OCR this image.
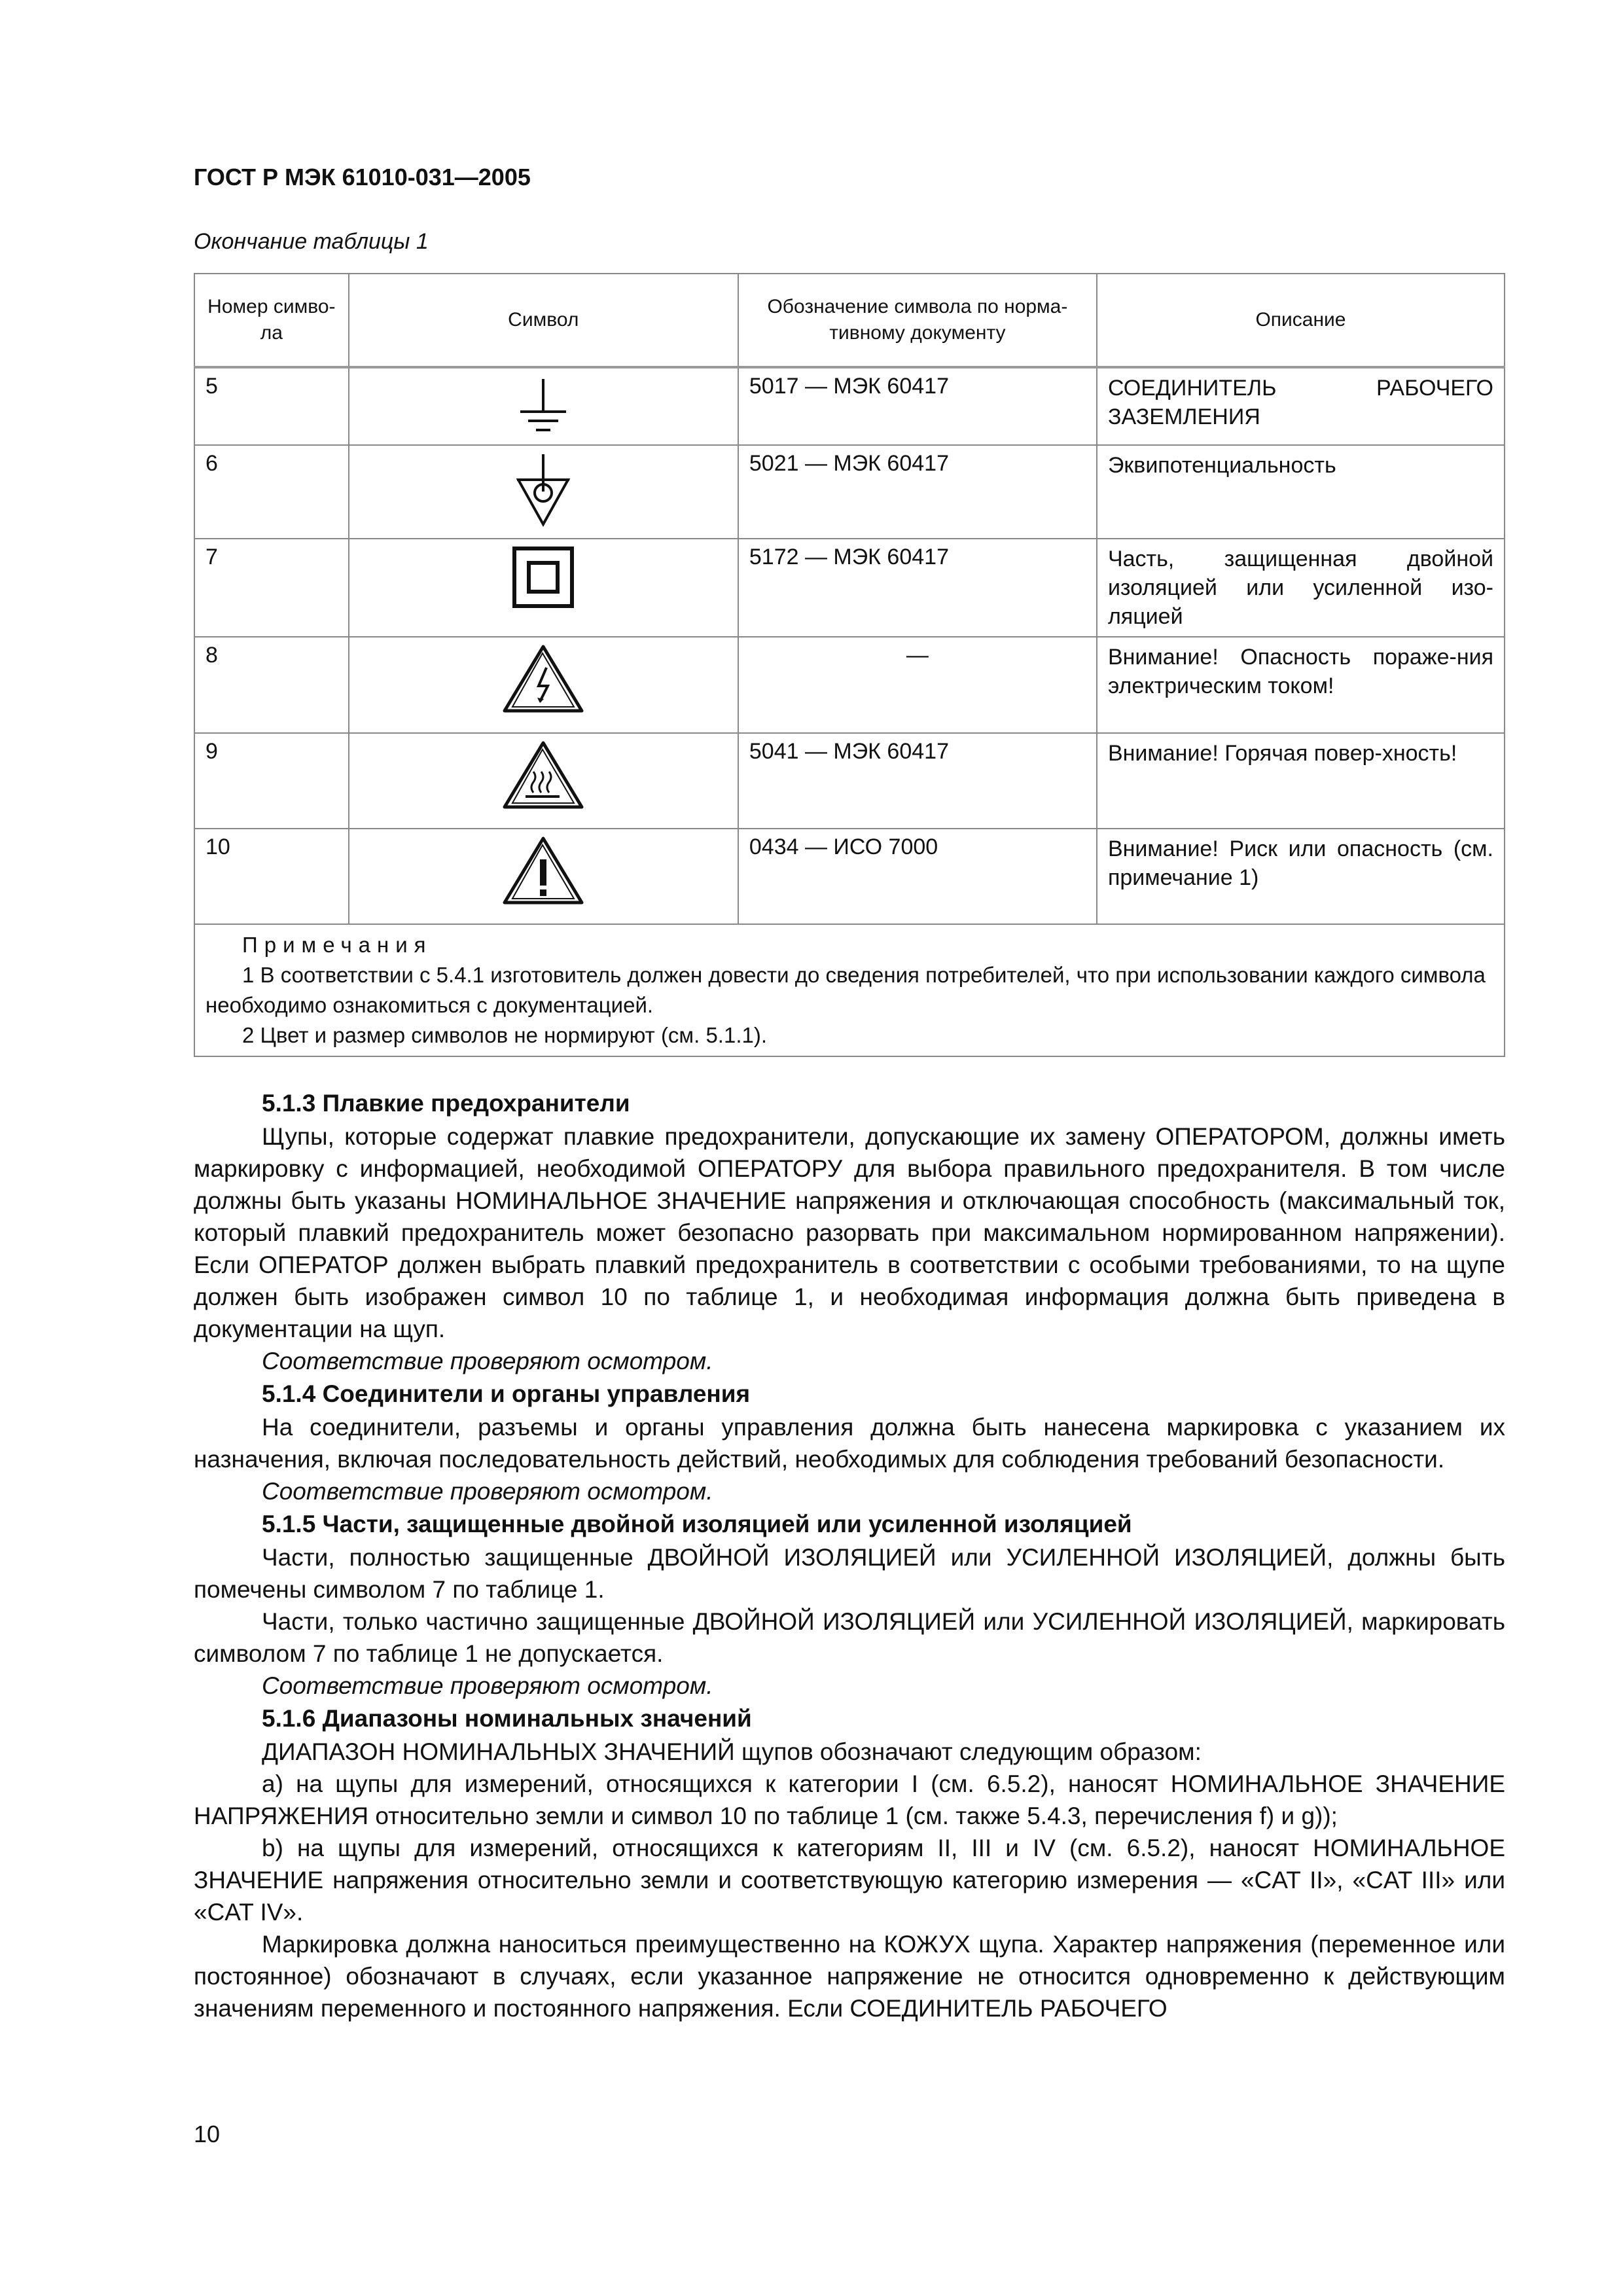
ГОСТ Р МЭК 61010-031—2005
Окончание таблицы 1
Номер симво-ла	Символ	Обозначение символа по норма-тивному документу	Описание
5		5017 — МЭК 60417	СОЕДИНИТЕЛЬ РАБОЧЕГО ЗАЗЕМЛЕНИЯ
6		5021 — МЭК 60417	Эквипотенциальность
7		5172 — МЭК 60417	Часть, защищенная двойной изоляцией или усиленной изо-ляцией
8		—	Внимание! Опасность пораже-ния электрическим током!
9		5041 — МЭК 60417	Внимание! Горячая повер-хность!
10		0434 — ИСО 7000	Внимание! Риск или опасность (см. примечание 1)

Примечания
1 В соответствии с 5.4.1 изготовитель должен довести до сведения потребителей, что при использовании каждого символа необходимо ознакомиться с документацией.
2 Цвет и размер символов не нормируют (см. 5.1.1).			
5.1.3 Плавкие предохранители

Щупы, которые содержат плавкие предохранители, допускающие их замену ОПЕРАТОРОМ, должны иметь маркировку с информацией, необходимой ОПЕРАТОРУ для выбора правильного предохранителя. В том числе должны быть указаны НОМИНАЛЬНОЕ ЗНАЧЕНИЕ напряжения и отключающая способность (максимальный ток, который плавкий предохранитель может безопасно разорвать при максимальном нормированном напряжении). Если ОПЕРАТОР должен выбрать плавкий предохранитель в соответствии с особыми требованиями, то на щупе должен быть изображен символ 10 по таблице 1, и необходимая информация должна быть приведена в документации на щуп.

Соответствие проверяют осмотром.

5.1.4 Соединители и органы управления

На соединители, разъемы и органы управления должна быть нанесена маркировка с указанием их назначения, включая последовательность действий, необходимых для соблюдения требований безопасности.

Соответствие проверяют осмотром.

5.1.5 Части, защищенные двойной изоляцией или усиленной изоляцией

Части, полностью защищенные ДВОЙНОЙ ИЗОЛЯЦИЕЙ или УСИЛЕННОЙ ИЗОЛЯЦИЕЙ, должны быть помечены символом 7 по таблице 1.

Части, только частично защищенные ДВОЙНОЙ ИЗОЛЯЦИЕЙ или УСИЛЕННОЙ ИЗОЛЯЦИЕЙ, маркировать символом 7 по таблице 1 не допускается.

Соответствие проверяют осмотром.

5.1.6 Диапазоны номинальных значений

ДИАПАЗОН НОМИНАЛЬНЫХ ЗНАЧЕНИЙ щупов обозначают следующим образом:

a) на щупы для измерений, относящихся к категории I (см. 6.5.2), наносят НОМИНАЛЬНОЕ ЗНАЧЕНИЕ НАПРЯЖЕНИЯ относительно земли и символ 10 по таблице 1 (см. также 5.4.3, перечисления f) и g));

b) на щупы для измерений, относящихся к категориям II, III и IV (см. 6.5.2), наносят НОМИНАЛЬНОЕ ЗНАЧЕНИЕ напряжения относительно земли и соответствующую категорию измерения — «CAT II», «CAT III» или «CAT IV».

Маркировка должна наноситься преимущественно на КОЖУХ щупа. Характер напряжения (переменное или постоянное) обозначают в случаях, если указанное напряжение не относится одновременно к действующим значениям переменного и постоянного напряжения. Если СОЕДИНИТЕЛЬ РАБОЧЕГО

10
